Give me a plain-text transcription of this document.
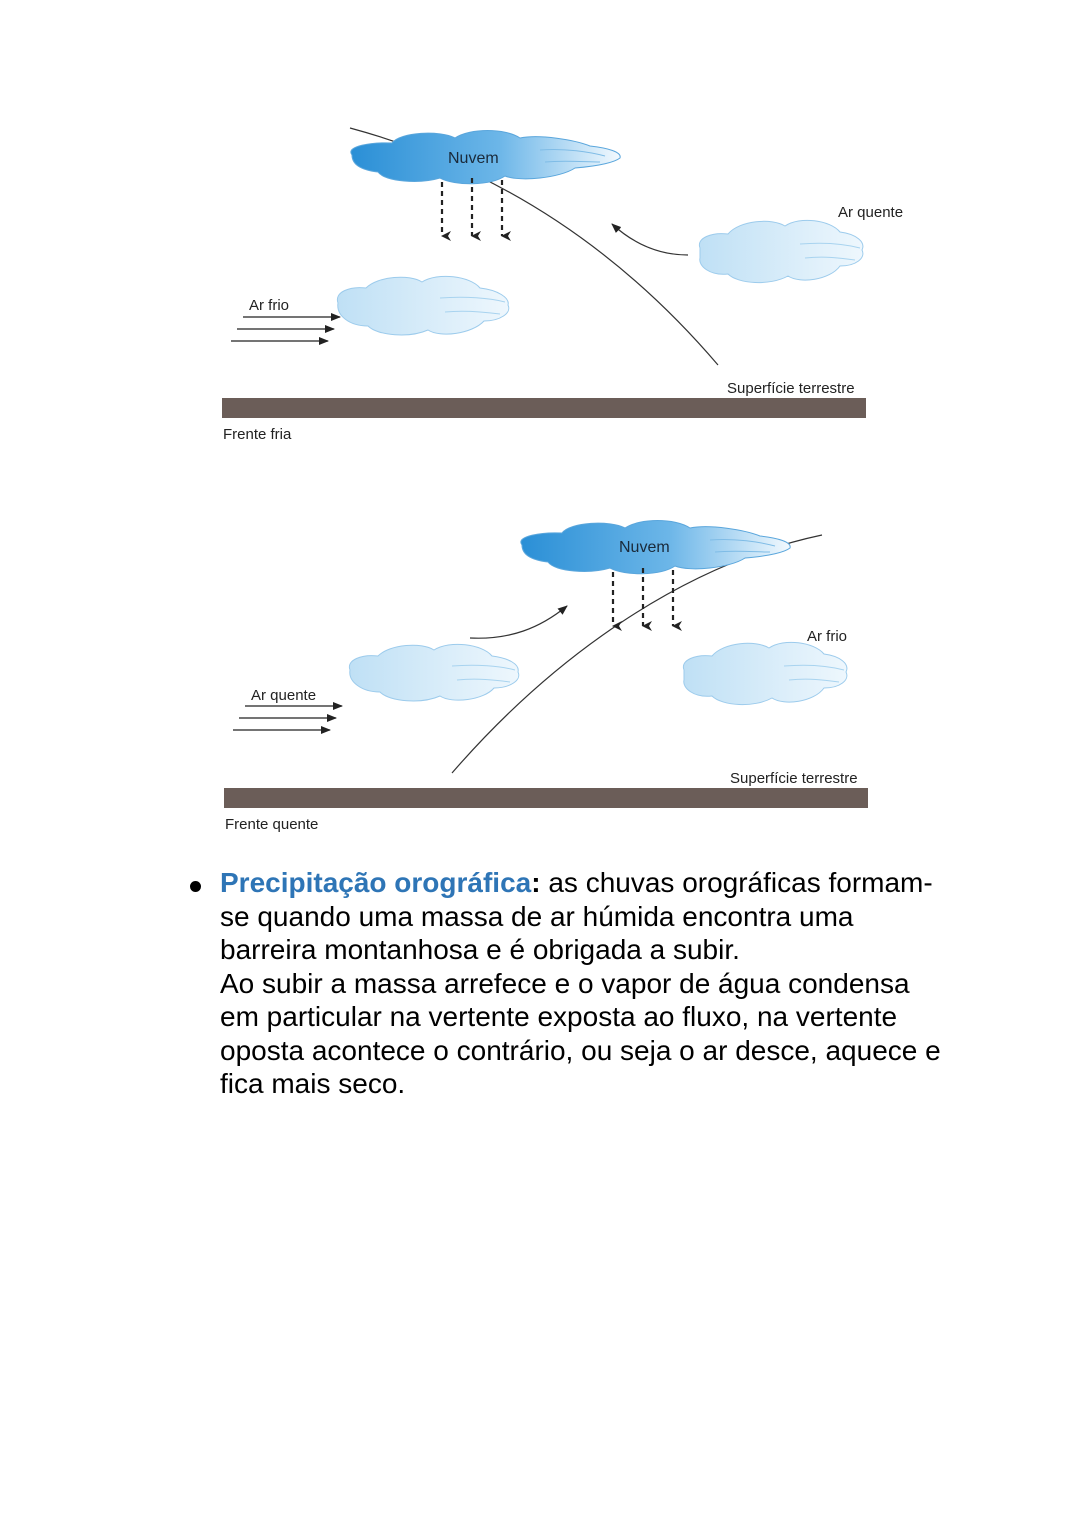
Nuvem
Ar quente
Ar frio
Superfície terrestre
Frente fria
Nuvem
Ar quente
Ar frio
Superfície terrestre
Frente quente
Precipitação orográfica: as chuvas orográficas formam-se quando uma massa de ar húmida encontra uma barreira montanhosa e é obrigada a subir.
Ao subir a massa arrefece e o vapor de água condensa em particular na vertente exposta ao fluxo, na vertente oposta acontece o contrário, ou seja o ar desce, aquece e fica mais seco.
